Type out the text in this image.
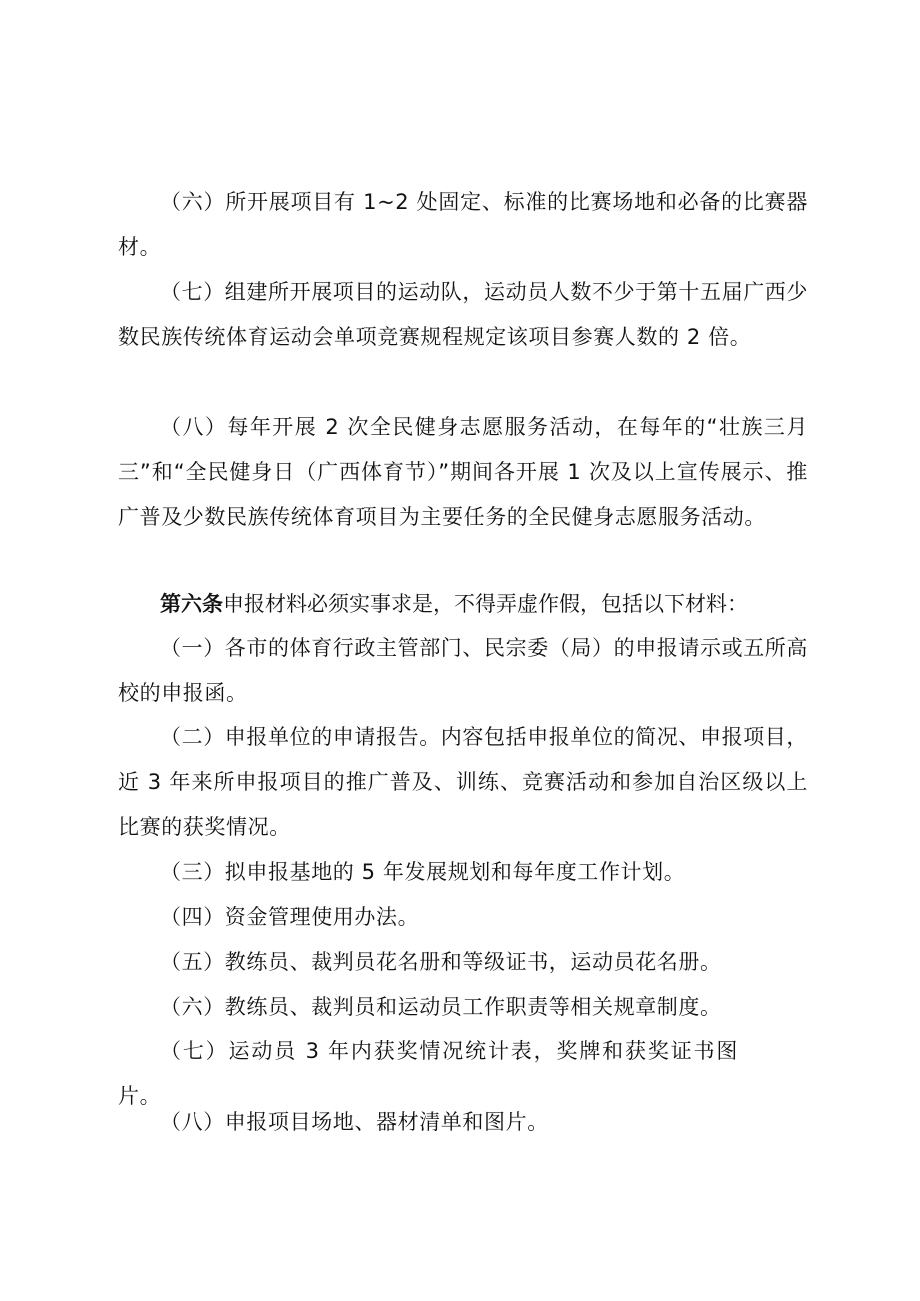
（六）所开展项目有 1~2 处固定、标准的比赛场地和必备的比赛器材。

（七）组建所开展项目的运动队，运动员人数不少于第十五届广西少数民族传统体育运动会单项竞赛规程规定该项目参赛人数的 2 倍。

（八）每年开展 2 次全民健身志愿服务活动，在每年的“壮族三月三”和“全民健身日（广西体育节）”期间各开展 1 次及以上宣传展示、推广普及少数民族传统体育项目为主要任务的全民健身志愿服务活动。

第六条申报材料必须实事求是，不得弄虚作假，包括以下材料：

（一）各市的体育行政主管部门、民宗委（局）的申报请示或五所高校的申报函。

（二）申报单位的申请报告。内容包括申报单位的简况、申报项目，近 3 年来所申报项目的推广普及、训练、竞赛活动和参加自治区级以上比赛的获奖情况。

（三）拟申报基地的 5 年发展规划和每年度工作计划。

（四）资金管理使用办法。

（五）教练员、裁判员花名册和等级证书，运动员花名册。

（六）教练员、裁判员和运动员工作职责等相关规章制度。

（七）运动员 3 年内获奖情况统计表，奖牌和获奖证书图片。

（八）申报项目场地、器材清单和图片。
